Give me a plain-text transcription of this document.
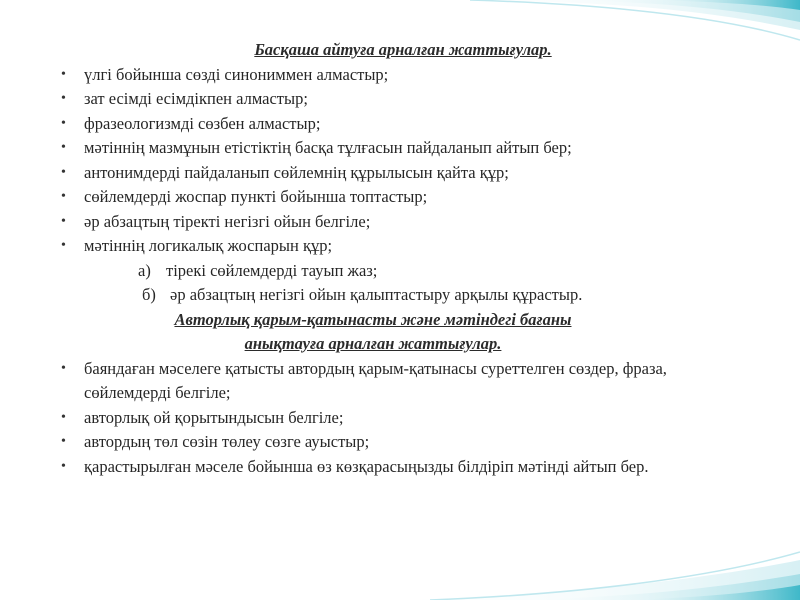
Басқаша айтуға арналған жаттығулар.
• үлгі бойынша сөзді синониммен алмастыр;
• зат есімді есімдікпен алмастыр;
• фразеологизмді сөзбен алмастыр;
• мәтіннің мазмұнын етістіктің басқа тұлғасын пайдаланып айтып бер;
• антонимдерді пайдаланып сөйлемнің құрылысын қайта құр;
• сөйлемдерді жоспар пункті бойынша топтастыр;
• әр абзацтың тіректі негізгі ойын белгіле;
• мәтіннің логикалық жоспарын құр;
а) тірекі сөйлемдерді тауып жаз;
б) әр абзацтың негізгі ойын қалыптастыру арқылы құрастыр.
Авторлық қарым-қатынасты және мәтіндегі бағаны
анықтауға арналған жаттығулар.
• баяндаған мәселеге қатысты автордың қарым-қатынасы суреттелген сөздер, фраза, сөйлемдерді белгіле;
• авторлық ой қорытындысын белгіле;
• автордың төл сөзін төлеу сөзге ауыстыр;
• қарастырылған мәселе бойынша өз көзқарасыңызды білдіріп мәтінді айтып бер.
